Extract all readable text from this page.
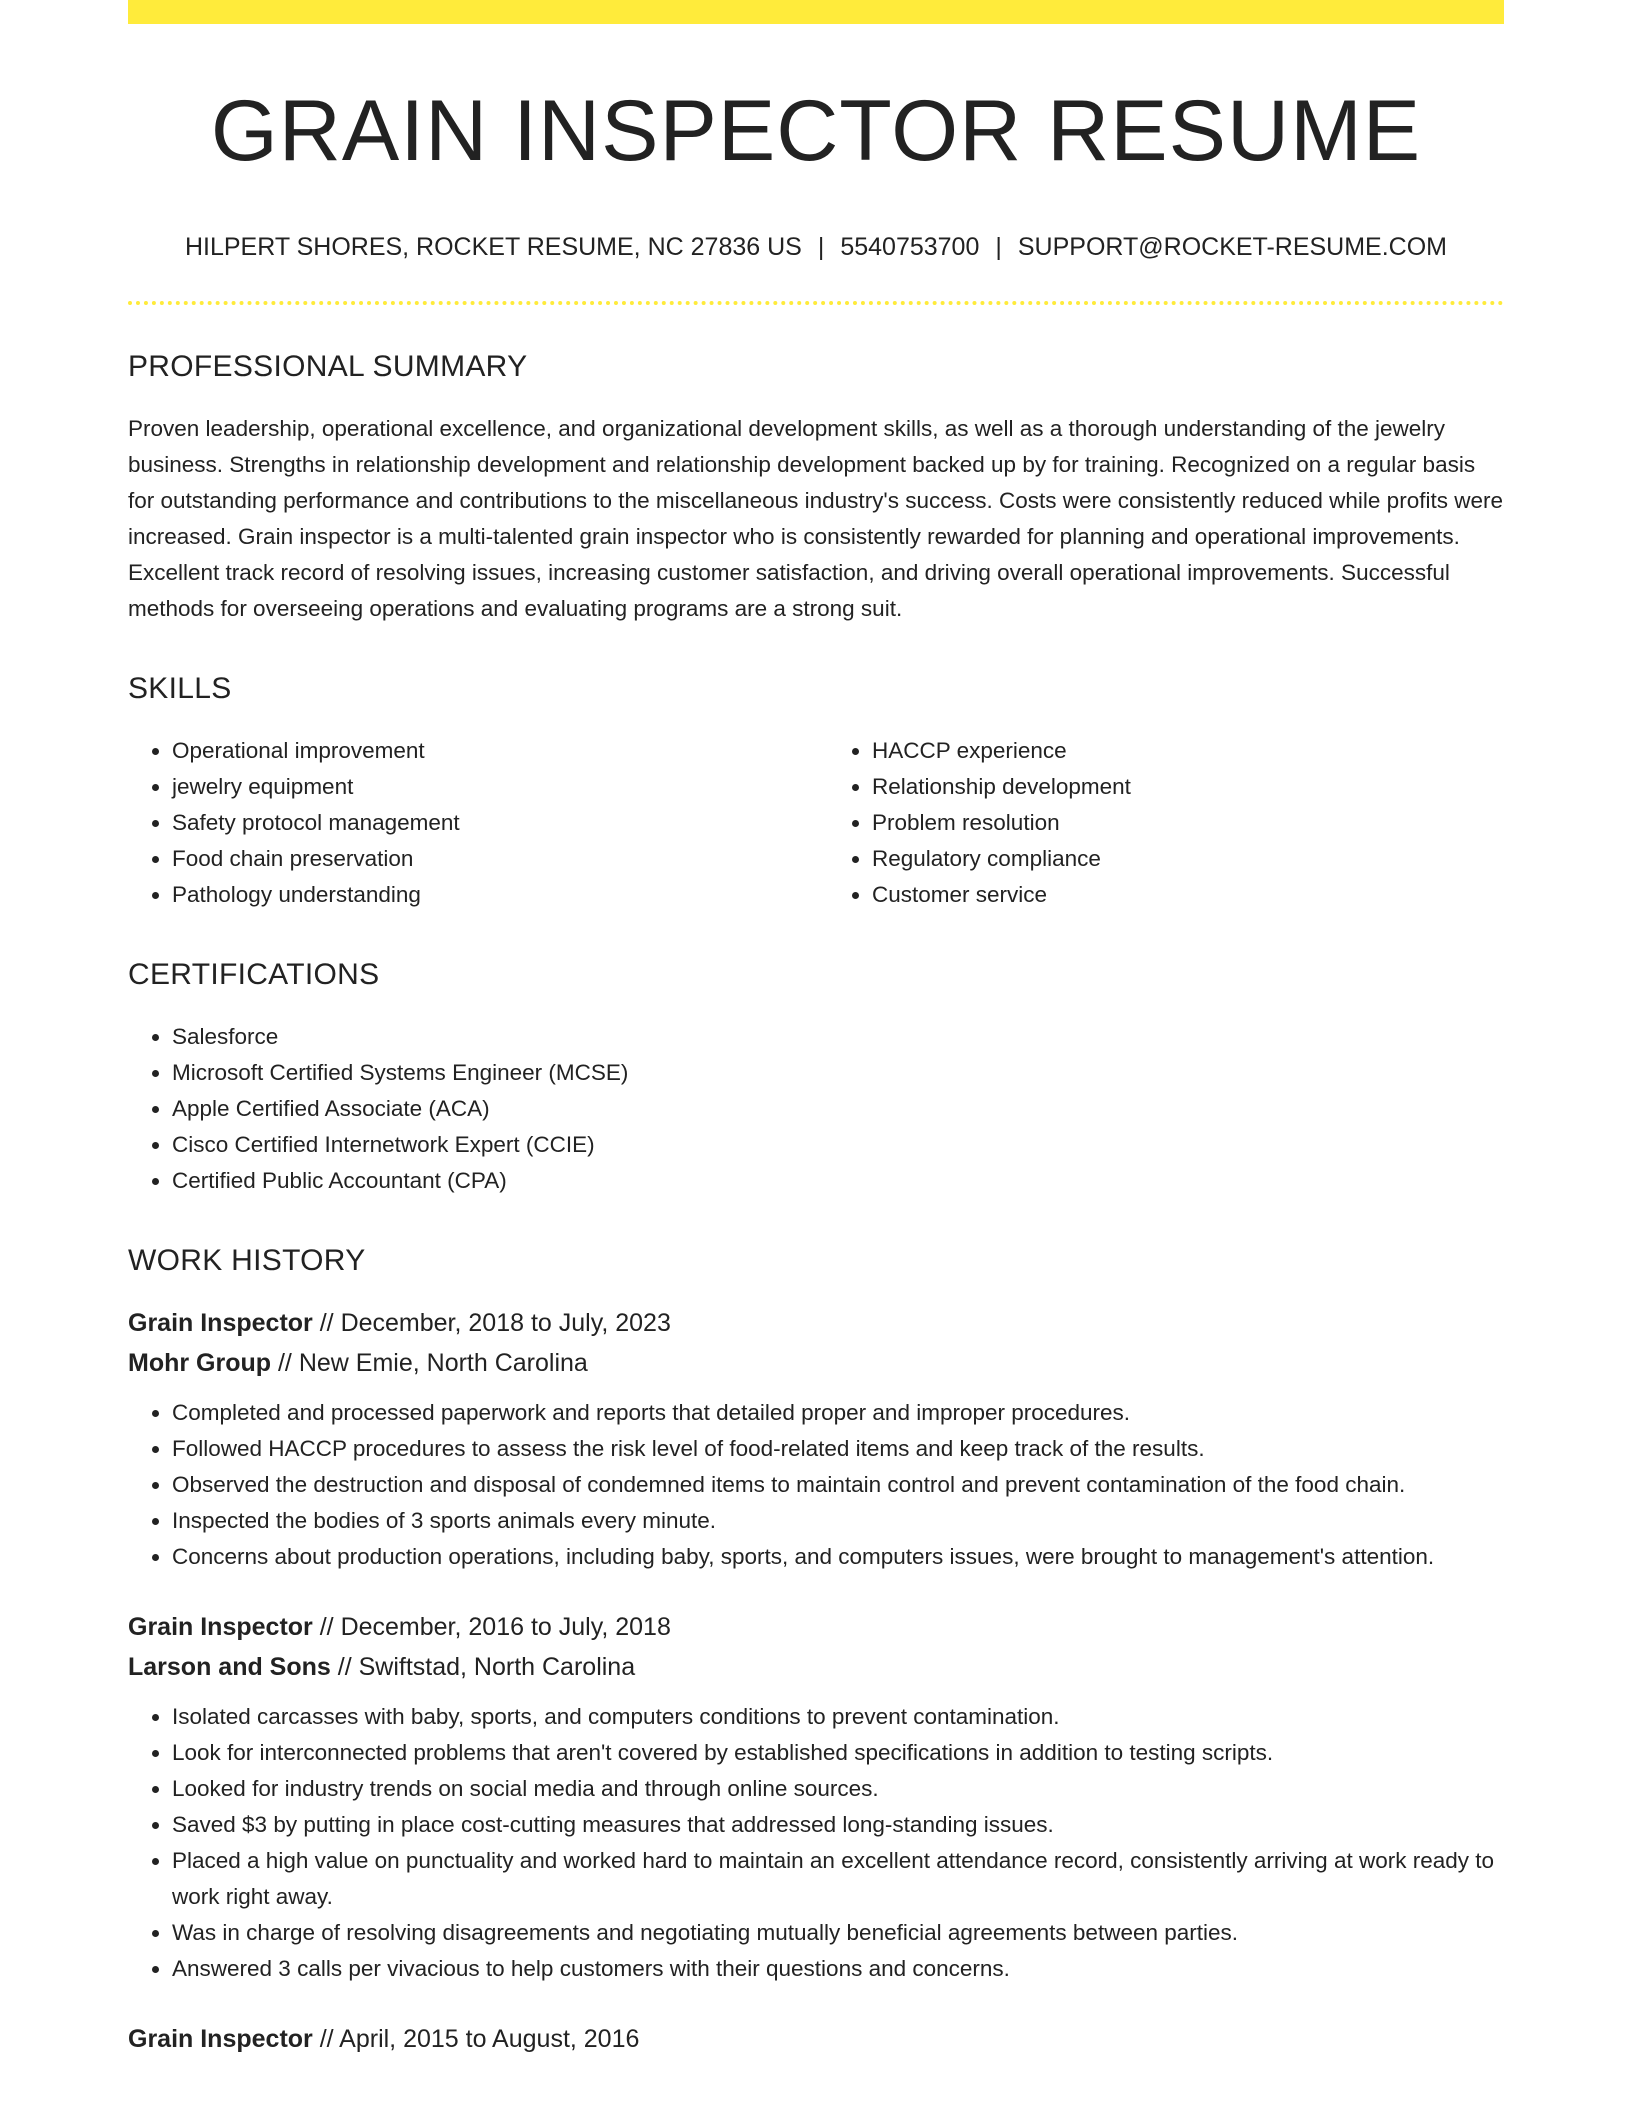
GRAIN INSPECTOR RESUME
HILPERT SHORES, ROCKET RESUME, NC 27836 US | 5540753700 | SUPPORT@ROCKET-RESUME.COM
PROFESSIONAL SUMMARY

Proven leadership, operational excellence, and organizational development skills, as well as a thorough understanding of the jewelry business. Strengths in relationship development and relationship development backed up by for training. Recognized on a regular basis for outstanding performance and contributions to the miscellaneous industry's success. Costs were consistently reduced while profits were increased. Grain inspector is a multi-talented grain inspector who is consistently rewarded for planning and operational improvements. Excellent track record of resolving issues, increasing customer satisfaction, and driving overall operational improvements. Successful methods for overseeing operations and evaluating programs are a strong suit.

SKILLS
• Operational improvement
• jewelry equipment
• Safety protocol management
• Food chain preservation
• Pathology understanding
• HACCP experience
• Relationship development
• Problem resolution
• Regulatory compliance
• Customer service
CERTIFICATIONS
• Salesforce
• Microsoft Certified Systems Engineer (MCSE)
• Apple Certified Associate (ACA)
• Cisco Certified Internetwork Expert (CCIE)
• Certified Public Accountant (CPA)
WORK HISTORY
Grain Inspector // December, 2018 to July, 2023
Mohr Group // New Emie, North Carolina
• Completed and processed paperwork and reports that detailed proper and improper procedures.
• Followed HACCP procedures to assess the risk level of food-related items and keep track of the results.
• Observed the destruction and disposal of condemned items to maintain control and prevent contamination of the food chain.
• Inspected the bodies of 3 sports animals every minute.
• Concerns about production operations, including baby, sports, and computers issues, were brought to management's attention.
Grain Inspector // December, 2016 to July, 2018
Larson and Sons // Swiftstad, North Carolina
• Isolated carcasses with baby, sports, and computers conditions to prevent contamination.
• Look for interconnected problems that aren't covered by established specifications in addition to testing scripts.
• Looked for industry trends on social media and through online sources.
• Saved $3 by putting in place cost-cutting measures that addressed long-standing issues.
• Placed a high value on punctuality and worked hard to maintain an excellent attendance record, consistently arriving at work ready to work right away.
• Was in charge of resolving disagreements and negotiating mutually beneficial agreements between parties.
• Answered 3 calls per vivacious to help customers with their questions and concerns.
Grain Inspector // April, 2015 to August, 2016
